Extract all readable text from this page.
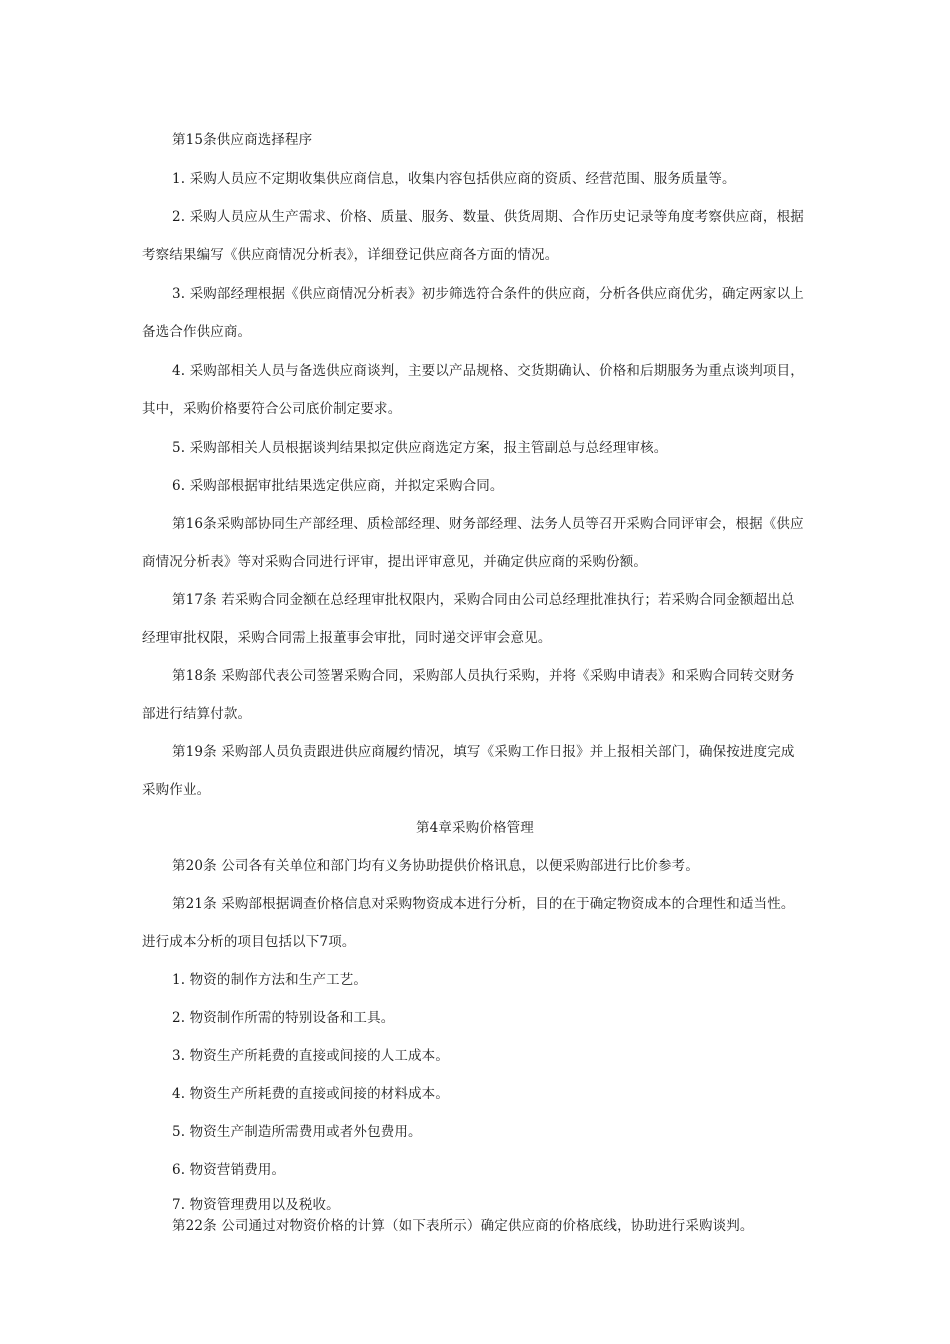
第15条供应商选择程序
1. 采购人员应不定期收集供应商信息，收集内容包括供应商的资质、经营范围、服务质量等。
2. 采购人员应从生产需求、价格、质量、服务、数量、供货周期、合作历史记录等角度考察供应商，根据
考察结果编写《供应商情况分析表》，详细登记供应商各方面的情况。
3. 采购部经理根据《供应商情况分析表》初步筛选符合条件的供应商，分析各供应商优劣，确定两家以上
备选合作供应商。
4. 采购部相关人员与备选供应商谈判，主要以产品规格、交货期确认、价格和后期服务为重点谈判项目，
其中，采购价格要符合公司底价制定要求。
5. 采购部相关人员根据谈判结果拟定供应商选定方案，报主管副总与总经理审核。
6. 采购部根据审批结果选定供应商，并拟定采购合同。
第16条采购部协同生产部经理、质检部经理、财务部经理、法务人员等召开采购合同评审会，根据《供应
商情况分析表》等对采购合同进行评审，提出评审意见，并确定供应商的采购份额。
第17条 若采购合同金额在总经理审批权限内，采购合同由公司总经理批准执行；若采购合同金额超出总
经理审批权限，采购合同需上报董事会审批，同时递交评审会意见。
第18条 采购部代表公司签署采购合同，采购部人员执行采购，并将《采购申请表》和采购合同转交财务
部进行结算付款。
第19条 采购部人员负责跟进供应商履约情况，填写《采购工作日报》并上报相关部门，确保按进度完成
采购作业。
第4章采购价格管理
第20条 公司各有关单位和部门均有义务协助提供价格讯息，以便采购部进行比价参考。
第21条 采购部根据调查价格信息对采购物资成本进行分析，目的在于确定物资成本的合理性和适当性。
进行成本分析的项目包括以下7项。
1. 物资的制作方法和生产工艺。
2. 物资制作所需的特别设备和工具。
3. 物资生产所耗费的直接或间接的人工成本。
4. 物资生产所耗费的直接或间接的材料成本。
5. 物资生产制造所需费用或者外包费用。
6. 物资营销费用。
7. 物资管理费用以及税收。
第22条 公司通过对物资价格的计算（如下表所示）确定供应商的价格底线，协助进行采购谈判。
